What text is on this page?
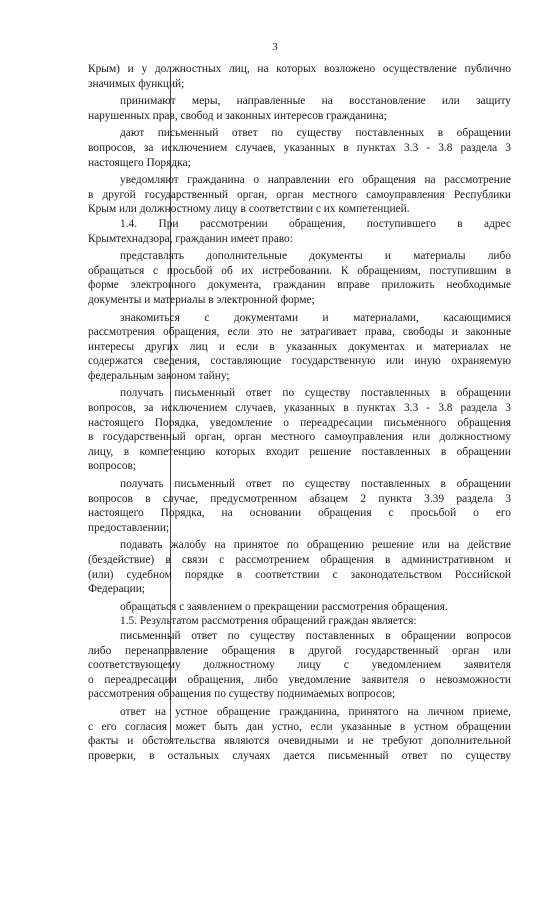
3
Крым) и у должностных лиц, на которых возложено осуществление публично
значимых функций;
принимают меры, направленные на восстановление или защиту
нарушенных прав, свобод и законных интересов гражданина;
дают письменный ответ по существу поставленных в обращении
вопросов, за исключением случаев, указанных в пунктах 3.3 - 3.8 раздела 3
настоящего Порядка;
уведомляют гражданина о направлении его обращения на рассмотрение
в другой государственный орган, орган местного самоуправления Республики
Крым или должностному лицу в соответствии с их компетенцией.
1.4. При рассмотрении обращения, поступившего в адрес
Крымтехнадзора, гражданин имеет право:
представлять дополнительные документы и материалы либо
обращаться с просьбой об их истребовании. К обращениям, поступившим в
форме электронного документа, гражданин вправе приложить необходимые
документы и материалы в электронной форме;
знакомиться с документами и материалами, касающимися
рассмотрения обращения, если это не затрагивает права, свободы и законные
интересы других лиц и если в указанных документах и материалах не
содержатся сведения, составляющие государственную или иную охраняемую
федеральным законом тайну;
получать письменный ответ по существу поставленных в обращении
вопросов, за исключением случаев, указанных в пунктах 3.3 - 3.8 раздела 3
настоящего Порядка, уведомление о переадресации письменного обращения
в государственный орган, орган местного самоуправления или должностному
лицу, в компетенцию которых входит решение поставленных в обращении
вопросов;
получать письменный ответ по существу поставленных в обращении
вопросов в случае, предусмотренном абзацем 2 пункта 3.39 раздела 3
настоящего Порядка, на основании обращения с просьбой о его
предоставлении;
подавать жалобу на принятое по обращению решение или на действие
(бездействие) в связи с рассмотрением обращения в административном и
(или) судебном порядке в соответствии с законодательством Российской
Федерации;
обращаться с заявлением о прекращении рассмотрения обращения.
1.5. Результатом рассмотрения обращений граждан является:
письменный ответ по существу поставленных в обращении вопросов
либо перенаправление обращения в другой государственный орган или
соответствующему должностному лицу с уведомлением заявителя
о переадресации обращения, либо уведомление заявителя о невозможности
рассмотрения обращения по существу поднимаемых вопросов;
ответ на устное обращение гражданина, принятого на личном приеме,
с его согласия может быть дан устно, если указанные в устном обращении
факты и обстоятельства являются очевидными и не требуют дополнительной
проверки, в остальных случаях дается письменный ответ по существу
